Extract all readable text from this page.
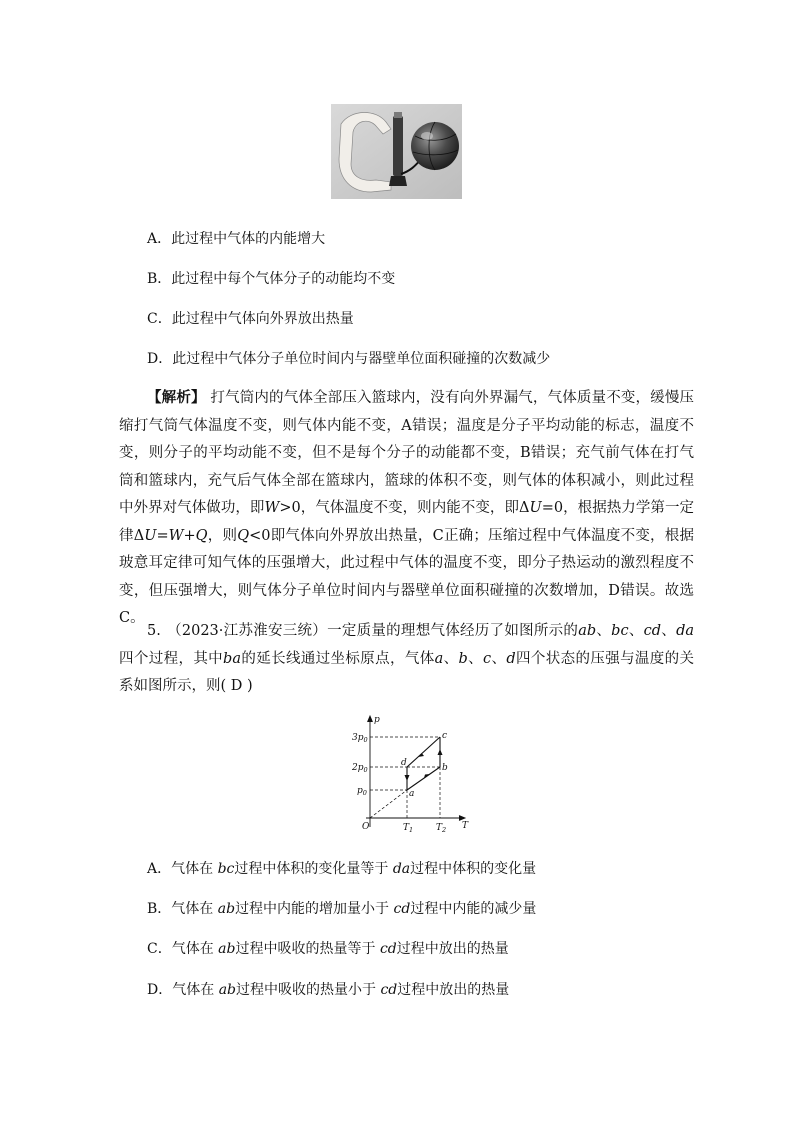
A．此过程中气体的内能增大
B．此过程中每个气体分子的动能均不变
C．此过程中气体向外界放出热量
D．此过程中气体分子单位时间内与器壁单位面积碰撞的次数减少
【解析】 打气筒内的气体全部压入篮球内，没有向外界漏气，气体质量不变，缓慢压缩打气筒气体温度不变，则气体内能不变，A错误；温度是分子平均动能的标志，温度不变，则分子的平均动能不变，但不是每个分子的动能都不变，B错误；充气前气体在打气筒和篮球内，充气后气体全部在篮球内，篮球的体积不变，则气体的体积减小，则此过程中外界对气体做功，即W>0，气体温度不变，则内能不变，即ΔU=0，根据热力学第一定律ΔU=W+Q，则Q<0即气体向外界放出热量，C正确；压缩过程中气体温度不变，根据玻意耳定律可知气体的压强增大，此过程中气体的温度不变，即分子热运动的激烈程度不变，但压强增大，则气体分子单位时间内与器壁单位面积碰撞的次数增加，D错误。故选C。
5. （2023·江苏淮安三统）一定质量的理想气体经历了如图所示的ab、bc、cd、da四个过程，其中ba的延长线通过坐标原点，气体a、b、c、d四个状态的压强与温度的关系如图所示，则( D )
p
T
O
$3p_0$
$2p_0$
$p_0$
$T_1$	$T_2$
a
b
c
d
A．气体在 bc过程中体积的变化量等于 da过程中体积的变化量
B．气体在 ab过程中内能的增加量小于 cd过程中内能的减少量
C．气体在 ab过程中吸收的热量等于 cd过程中放出的热量
D．气体在 ab过程中吸收的热量小于 cd过程中放出的热量
